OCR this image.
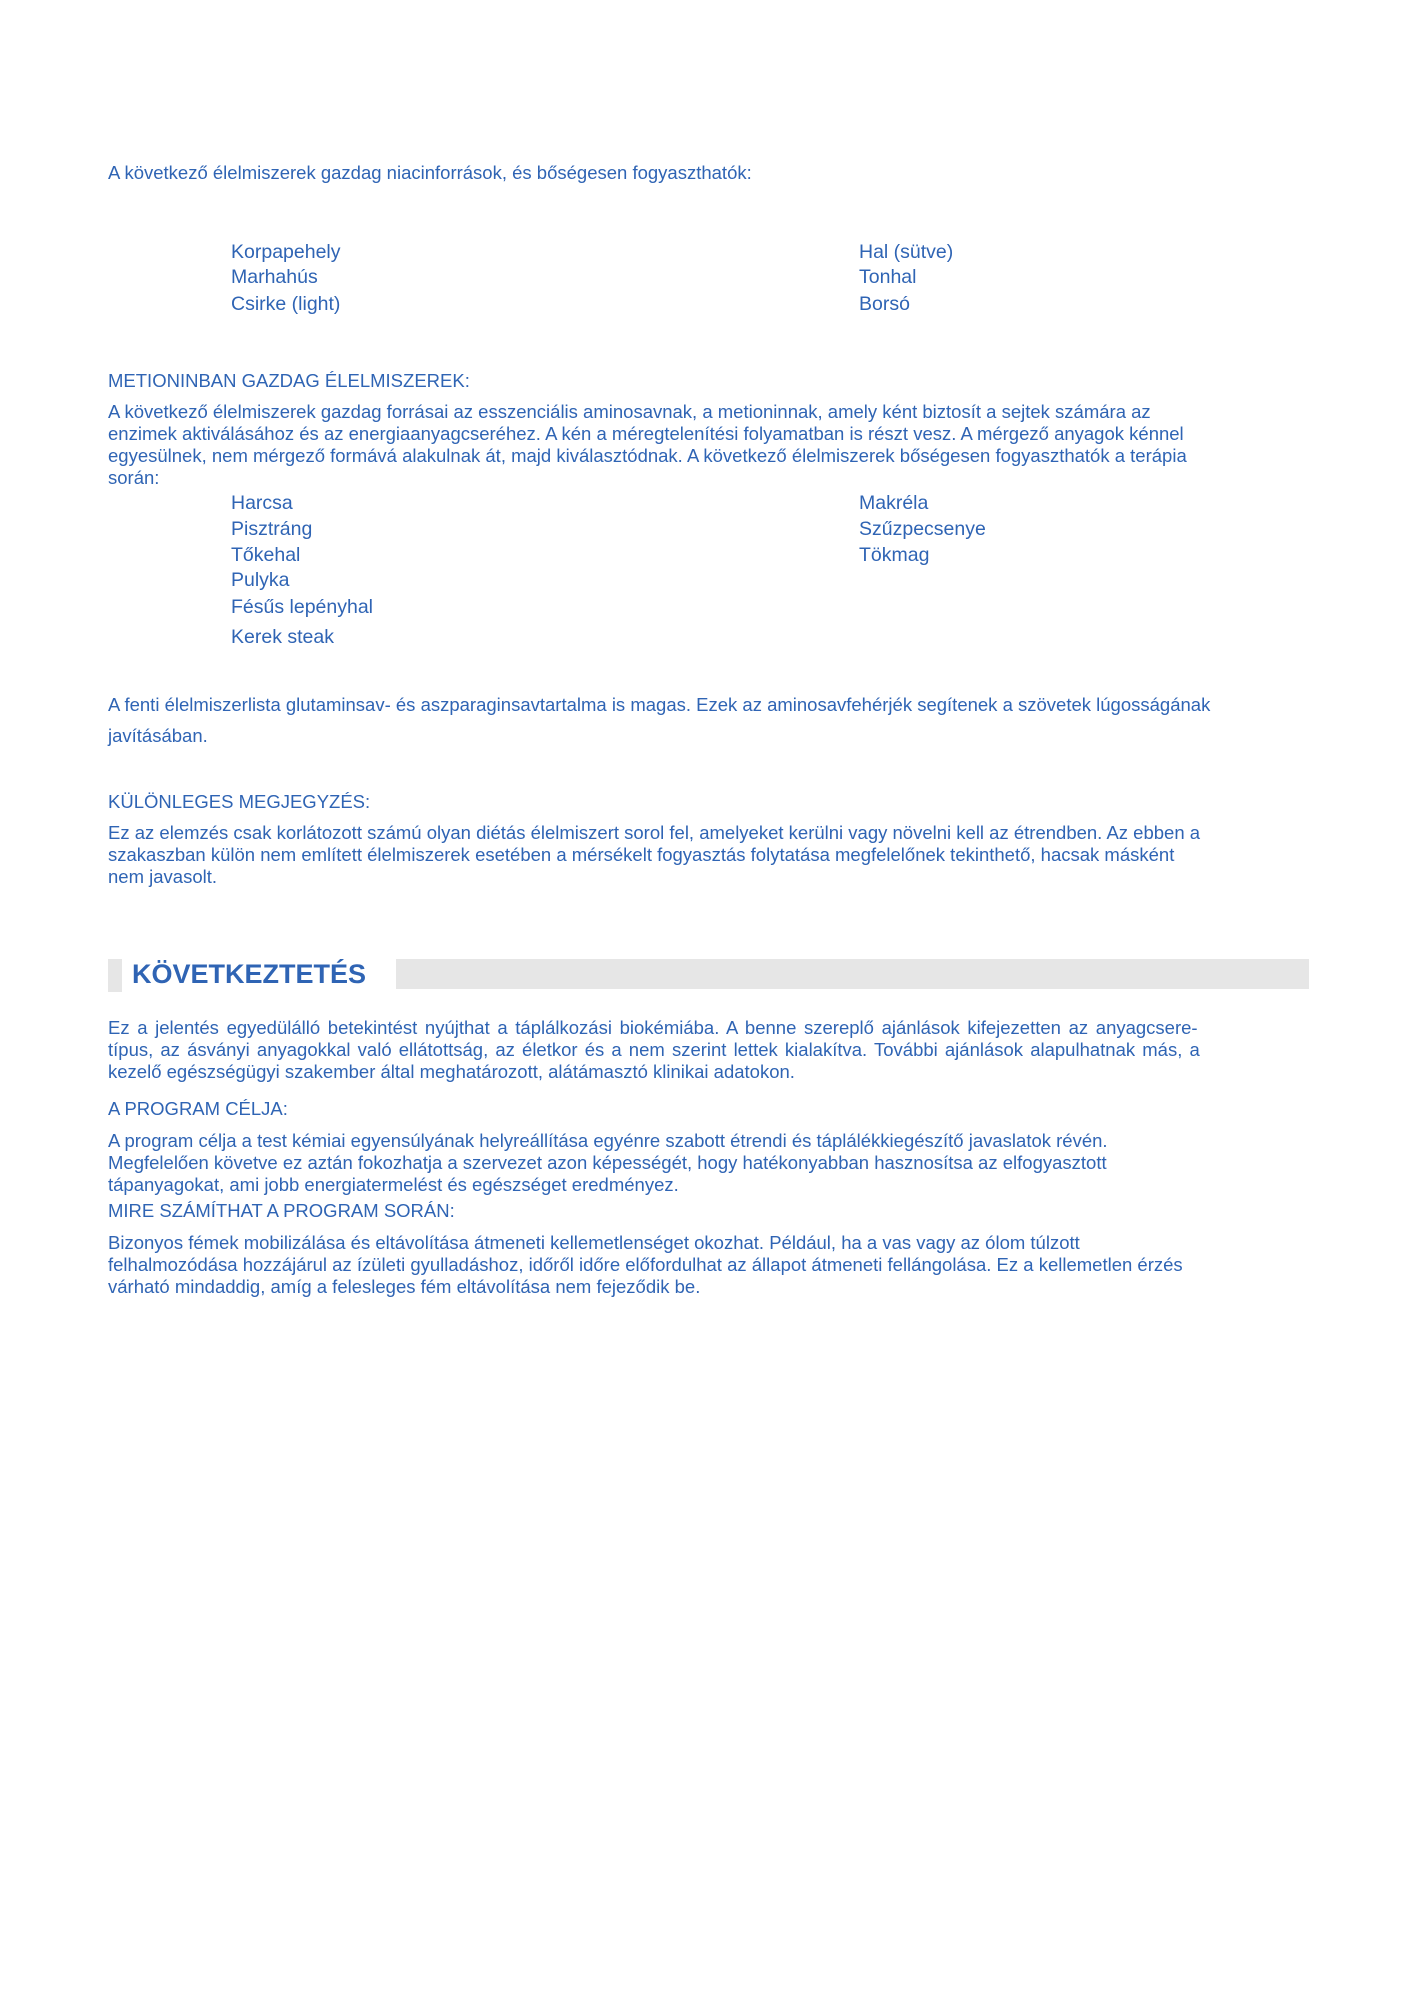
A következő élelmiszerek gazdag niacinforrások, és bőségesen fogyaszthatók:

Korpapehely

Marhahús

Csirke (light)

Hal (sütve)

Tonhal

Borsó

METIONINBAN GAZDAG ÉLELMISZEREK:

A következő élelmiszerek gazdag forrásai az esszenciális aminosavnak, a metioninnak, amely ként biztosít a sejtek számára az

enzimek aktiválásához és az energiaanyagcseréhez. A kén a méregtelenítési folyamatban is részt vesz. A mérgező anyagok kénnel

egyesülnek, nem mérgező formává alakulnak át, majd kiválasztódnak. A következő élelmiszerek bőségesen fogyaszthatók a terápia

során:

Harcsa

Pisztráng

Tőkehal

Pulyka

Fésűs lepényhal

Kerek steak

Makréla

Szűzpecsenye

Tökmag

A fenti élelmiszerlista glutaminsav- és aszparaginsavtartalma is magas. Ezek az aminosavfehérjék segítenek a szövetek lúgosságának

javításában.

KÜLÖNLEGES MEGJEGYZÉS:

Ez az elemzés csak korlátozott számú olyan diétás élelmiszert sorol fel, amelyeket kerülni vagy növelni kell az étrendben. Az ebben a

szakaszban külön nem említett élelmiszerek esetében a mérsékelt fogyasztás folytatása megfelelőnek tekinthető, hacsak másként

nem javasolt.

KÖVETKEZTETÉS

Ez a jelentés egyedülálló betekintést nyújthat a táplálkozási biokémiába. A benne szereplő ajánlások kifejezetten az anyagcsere-

típus, az ásványi anyagokkal való ellátottság, az életkor és a nem szerint lettek kialakítva. További ajánlások alapulhatnak más, a

kezelő egészségügyi szakember által meghatározott, alátámasztó klinikai adatokon.

A PROGRAM CÉLJA:

A program célja a test kémiai egyensúlyának helyreállítása egyénre szabott étrendi és táplálékkiegészítő javaslatok révén.

Megfelelően követve ez aztán fokozhatja a szervezet azon képességét, hogy hatékonyabban hasznosítsa az elfogyasztott

tápanyagokat, ami jobb energiatermelést és egészséget eredményez.

MIRE SZÁMÍTHAT A PROGRAM SORÁN:

Bizonyos fémek mobilizálása és eltávolítása átmeneti kellemetlenséget okozhat. Például, ha a vas vagy az ólom túlzott

felhalmozódása hozzájárul az ízületi gyulladáshoz, időről időre előfordulhat az állapot átmeneti fellángolása. Ez a kellemetlen érzés

várható mindaddig, amíg a felesleges fém eltávolítása nem fejeződik be.
